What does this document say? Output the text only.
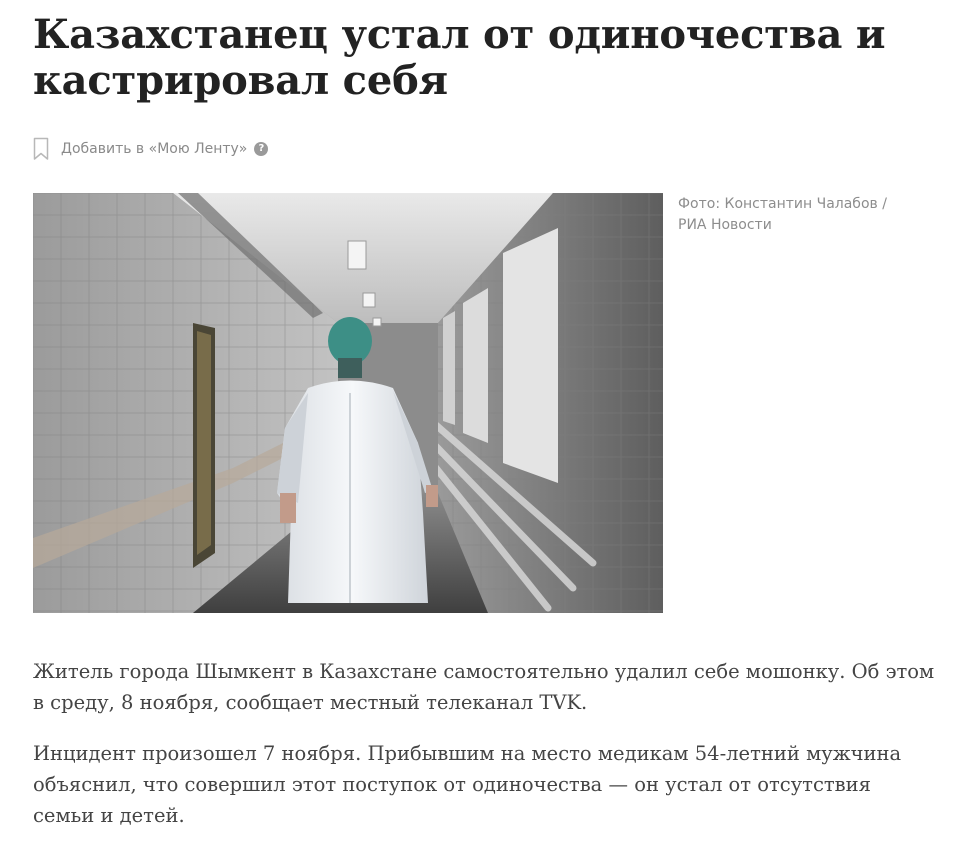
Казахстанец устал от одиночества и кастрировал себя
Добавить в «Мою Ленту»	?
Фото: Константин Чалабов / РИА Новости

Житель города Шымкент в Казахстане самостоятельно удалил себе мошонку. Об этом в среду, 8 ноября, сообщает местный телеканал TVK.

Инцидент произошел 7 ноября. Прибывшим на место медикам 54-летний мужчина объяснил, что совершил этот поступок от одиночества — он устал от отсутствия семьи и детей.
